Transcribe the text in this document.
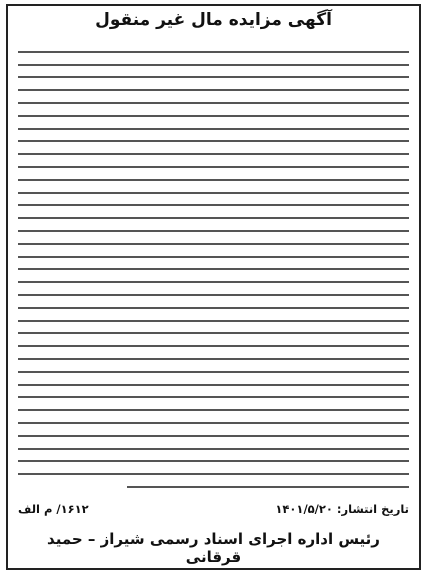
آگهی مزایده مال غیر منقول
تاریخ انتشار: ۱۴۰۱/۵/۲۰
۱۶۱۲/ م الف
رئیس اداره اجرای اسناد رسمی شیراز – حمید قرقانی
